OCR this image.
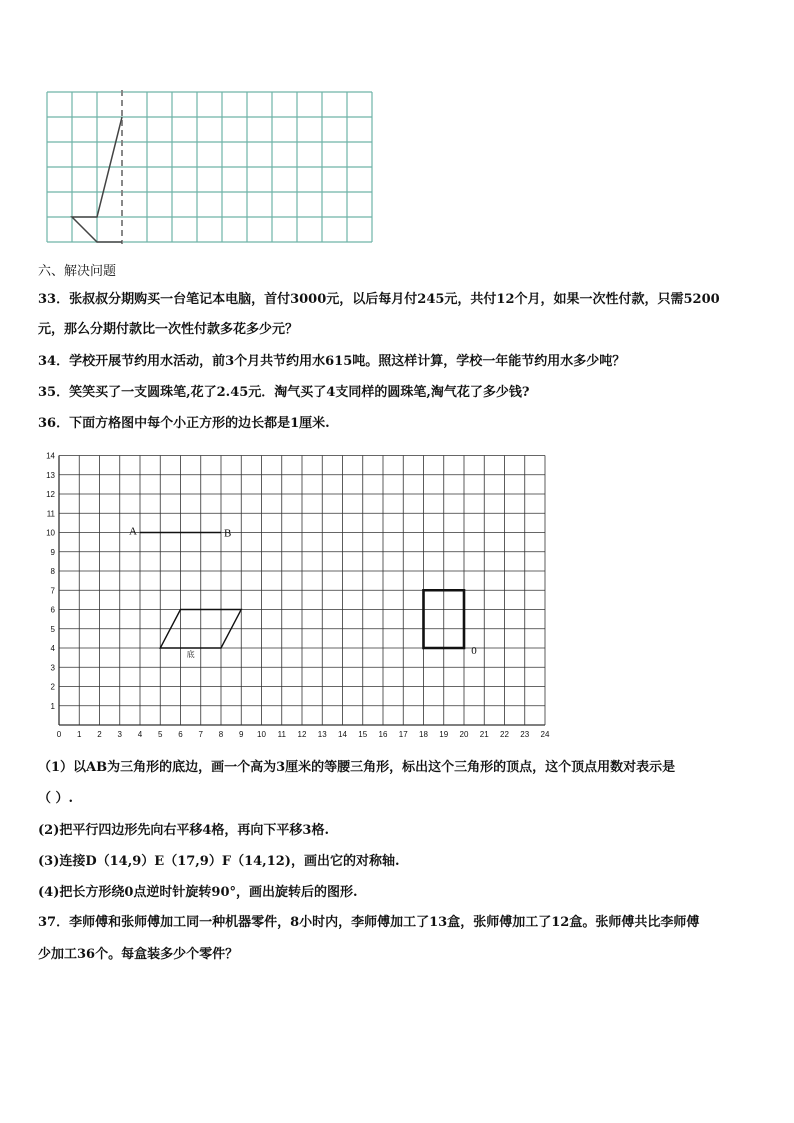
六、解决问题
33．张叔叔分期购买一台笔记本电脑，首付3000元，以后每月付245元，共付12个月，如果一次性付款，只需5200
元，那么分期付款比一次性付款多花多少元？
34．学校开展节约用水活动，前3个月共节约用水615吨。照这样计算，学校一年能节约用水多少吨？
35．笑笑买了一支圆珠笔,花了2.45元．淘气买了4支同样的圆珠笔,淘气花了多少钱?
36．下面方格图中每个小正方形的边长都是1厘米.
0 1 2 3 4 5 6 7 8 9 10 11 12 13 14 15 16 17 18 19 20 21 22 23 24
1
2
3
4
5
6
7
8
9
10
11
12
13
14
A	B
底	0
（1）以AB为三角形的底边，画一个高为3厘米的等腰三角形，标出这个三角形的顶点，这个顶点用数对表示是
（ ）.
(2)把平行四边形先向右平移4格，再向下平移3格.
(3)连接D（14,9）E（17,9）F（14,12)，画出它的对称轴.
(4)把长方形绕0点逆时针旋转90°，画出旋转后的图形.
37．李师傅和张师傅加工同一种机器零件，8小时内，李师傅加工了13盒，张师傅加工了12盒。张师傅共比李师傅
少加工36个。每盒装多少个零件？
